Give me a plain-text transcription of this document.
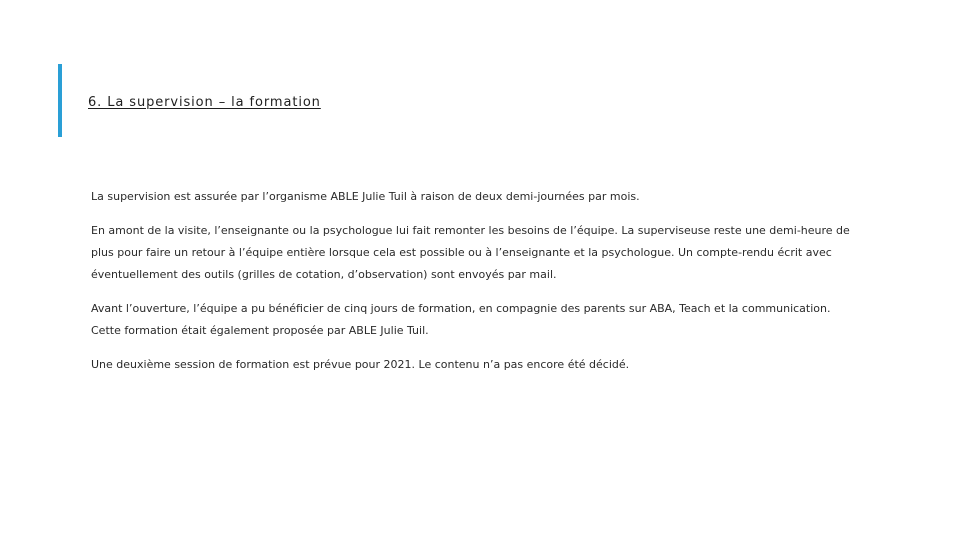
6. La supervision – la formation

La supervision est assurée par l’organisme ABLE Julie Tuil à raison de deux demi-journées par mois.

En amont de la visite, l’enseignante ou la psychologue lui fait remonter les besoins de l’équipe. La superviseuse reste une demi-heure de plus pour faire un retour à l’équipe entière lorsque cela est possible ou à l’enseignante et la psychologue. Un compte-rendu écrit avec éventuellement des outils (grilles de cotation, d’observation) sont envoyés par mail.

Avant l’ouverture, l’équipe a pu bénéficier de cinq jours de formation, en compagnie des parents sur ABA, Teach et la communication. Cette formation était également proposée par ABLE Julie Tuil.

Une deuxième session de formation est prévue pour 2021. Le contenu n’a pas encore été décidé.
